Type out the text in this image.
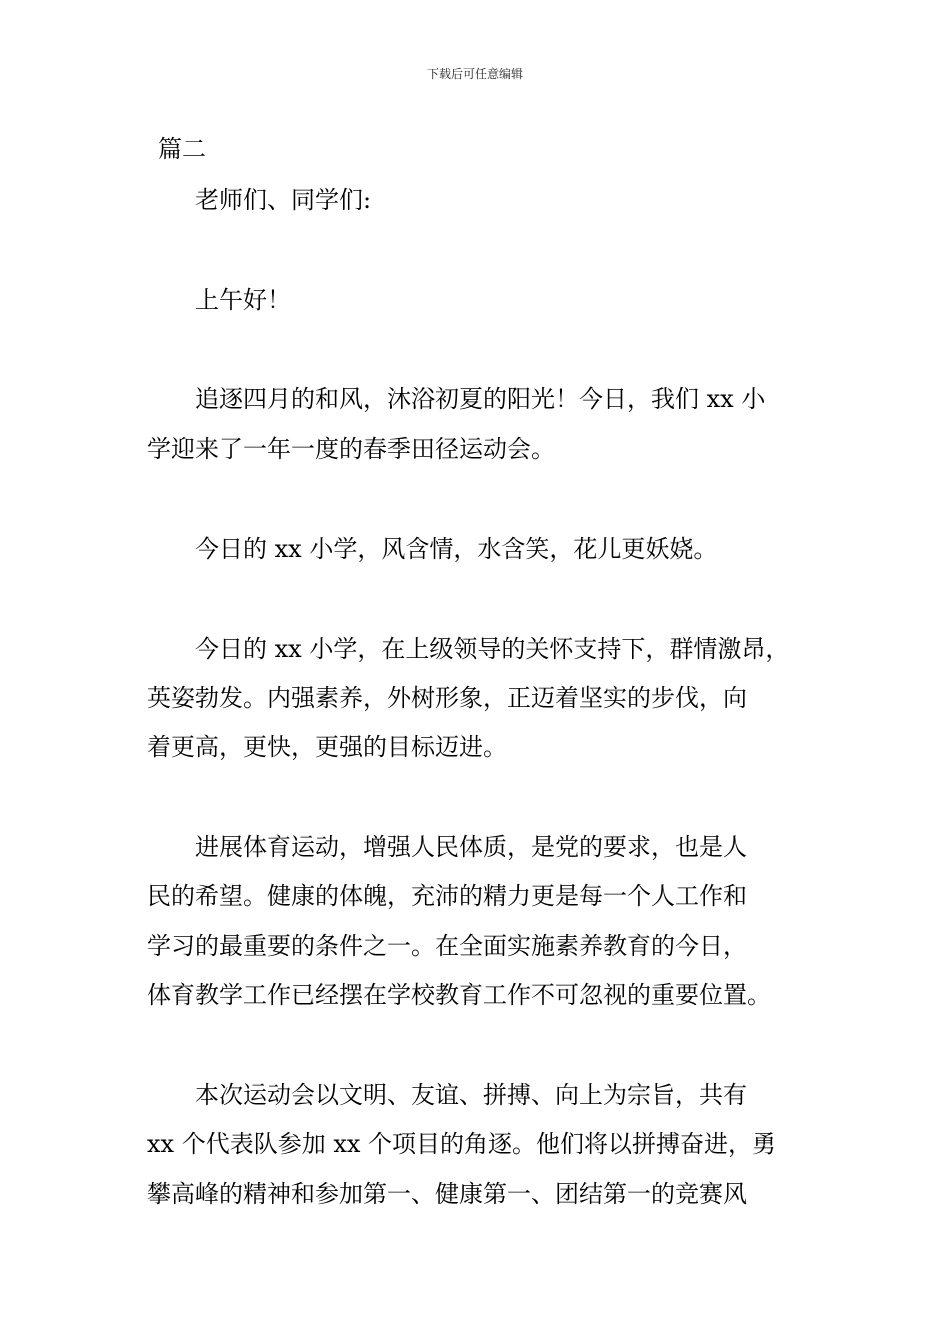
下载后可任意编辑
篇二
老师们、同学们:
上午好！
追逐四月的和风，沐浴初夏的阳光！今日，我们 xx 小
学迎来了一年一度的春季田径运动会。
今日的 xx 小学，风含情，水含笑，花儿更妖娆。
今日的 xx 小学，在上级领导的关怀支持下，群情激昂，
英姿勃发。内强素养，外树形象，正迈着坚实的步伐，向
着更高，更快，更强的目标迈进。
进展体育运动，增强人民体质，是党的要求，也是人
民的希望。健康的体魄，充沛的精力更是每一个人工作和
学习的最重要的条件之一。在全面实施素养教育的今日，
体育教学工作已经摆在学校教育工作不可忽视的重要位置。
本次运动会以文明、友谊、拼搏、向上为宗旨，共有
xx 个代表队参加 xx 个项目的角逐。他们将以拼搏奋进，勇
攀高峰的精神和参加第一、健康第一、团结第一的竞赛风
